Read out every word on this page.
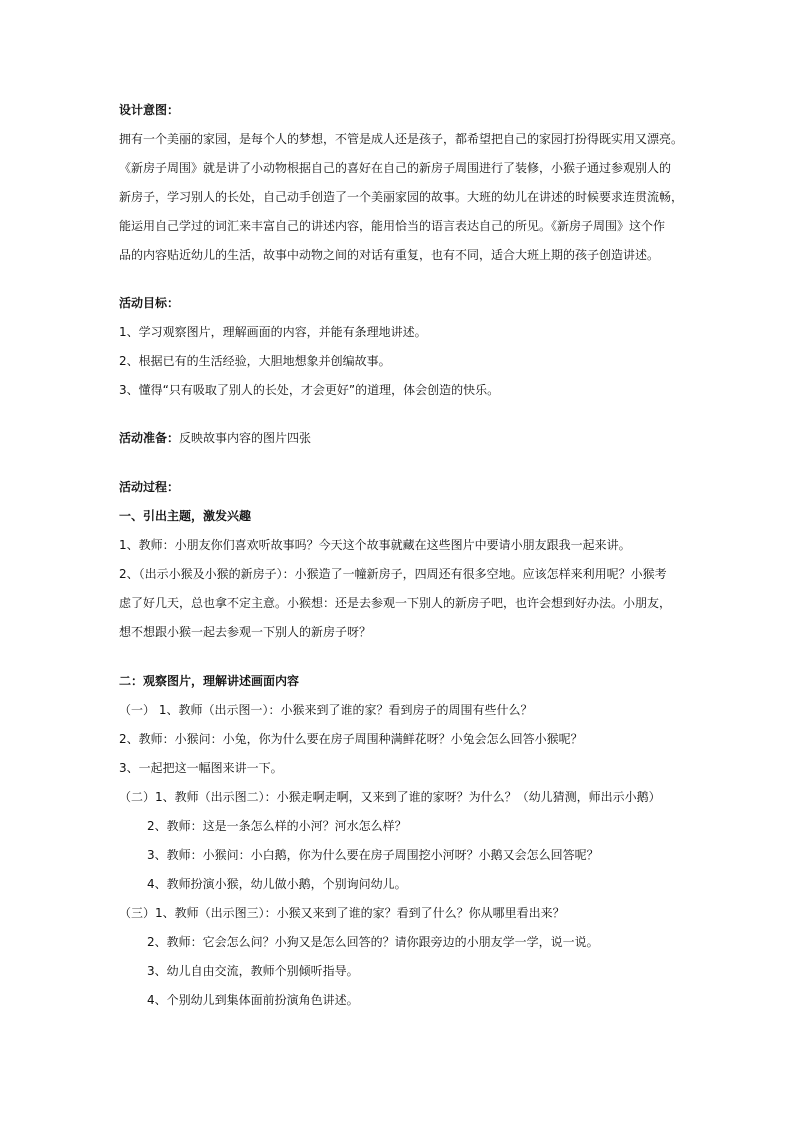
设计意图：
拥有一个美丽的家园，是每个人的梦想，不管是成人还是孩子，都希望把自己的家园打扮得既实用又漂亮。
《新房子周围》就是讲了小动物根据自己的喜好在自己的新房子周围进行了装修，小猴子通过参观别人的
新房子，学习别人的长处，自己动手创造了一个美丽家园的故事。大班的幼儿在讲述的时候要求连贯流畅，
能运用自己学过的词汇来丰富自己的讲述内容，能用恰当的语言表达自己的所见。《新房子周围》这个作
品的内容贴近幼儿的生活，故事中动物之间的对话有重复，也有不同，适合大班上期的孩子创造讲述。
活动目标：
1、学习观察图片，理解画面的内容，并能有条理地讲述。
2、根据已有的生活经验，大胆地想象并创编故事。
3、懂得“只有吸取了别人的长处，才会更好”的道理，体会创造的快乐。
活动准备：反映故事内容的图片四张
活动过程：
一、引出主题，激发兴趣
1、教师：小朋友你们喜欢听故事吗？今天这个故事就藏在这些图片中要请小朋友跟我一起来讲。
2、（出示小猴及小猴的新房子）：小猴造了一幢新房子，四周还有很多空地。应该怎样来利用呢？小猴考
虑了好几天，总也拿不定主意。小猴想：还是去参观一下别人的新房子吧，也许会想到好办法。小朋友，
想不想跟小猴一起去参观一下别人的新房子呀？
二：观察图片，理解讲述画面内容
（一） 1、教师（出示图一）：小猴来到了谁的家？看到房子的周围有些什么？
2、教师：小猴问：小兔，你为什么要在房子周围种满鲜花呀？小兔会怎么回答小猴呢？
3、一起把这一幅图来讲一下。
（二）1、教师（出示图二）：小猴走啊走啊，又来到了谁的家呀？为什么？（幼儿猜测，师出示小鹅）
2、教师：这是一条怎么样的小河？河水怎么样？
3、教师：小猴问：小白鹅，你为什么要在房子周围挖小河呀？小鹅又会怎么回答呢？
4、教师扮演小猴，幼儿做小鹅，个别询问幼儿。
（三）1、教师（出示图三）：小猴又来到了谁的家？看到了什么？你从哪里看出来？
2、教师：它会怎么问？小狗又是怎么回答的？请你跟旁边的小朋友学一学，说一说。
3、幼儿自由交流，教师个别倾听指导。
4、个别幼儿到集体面前扮演角色讲述。
